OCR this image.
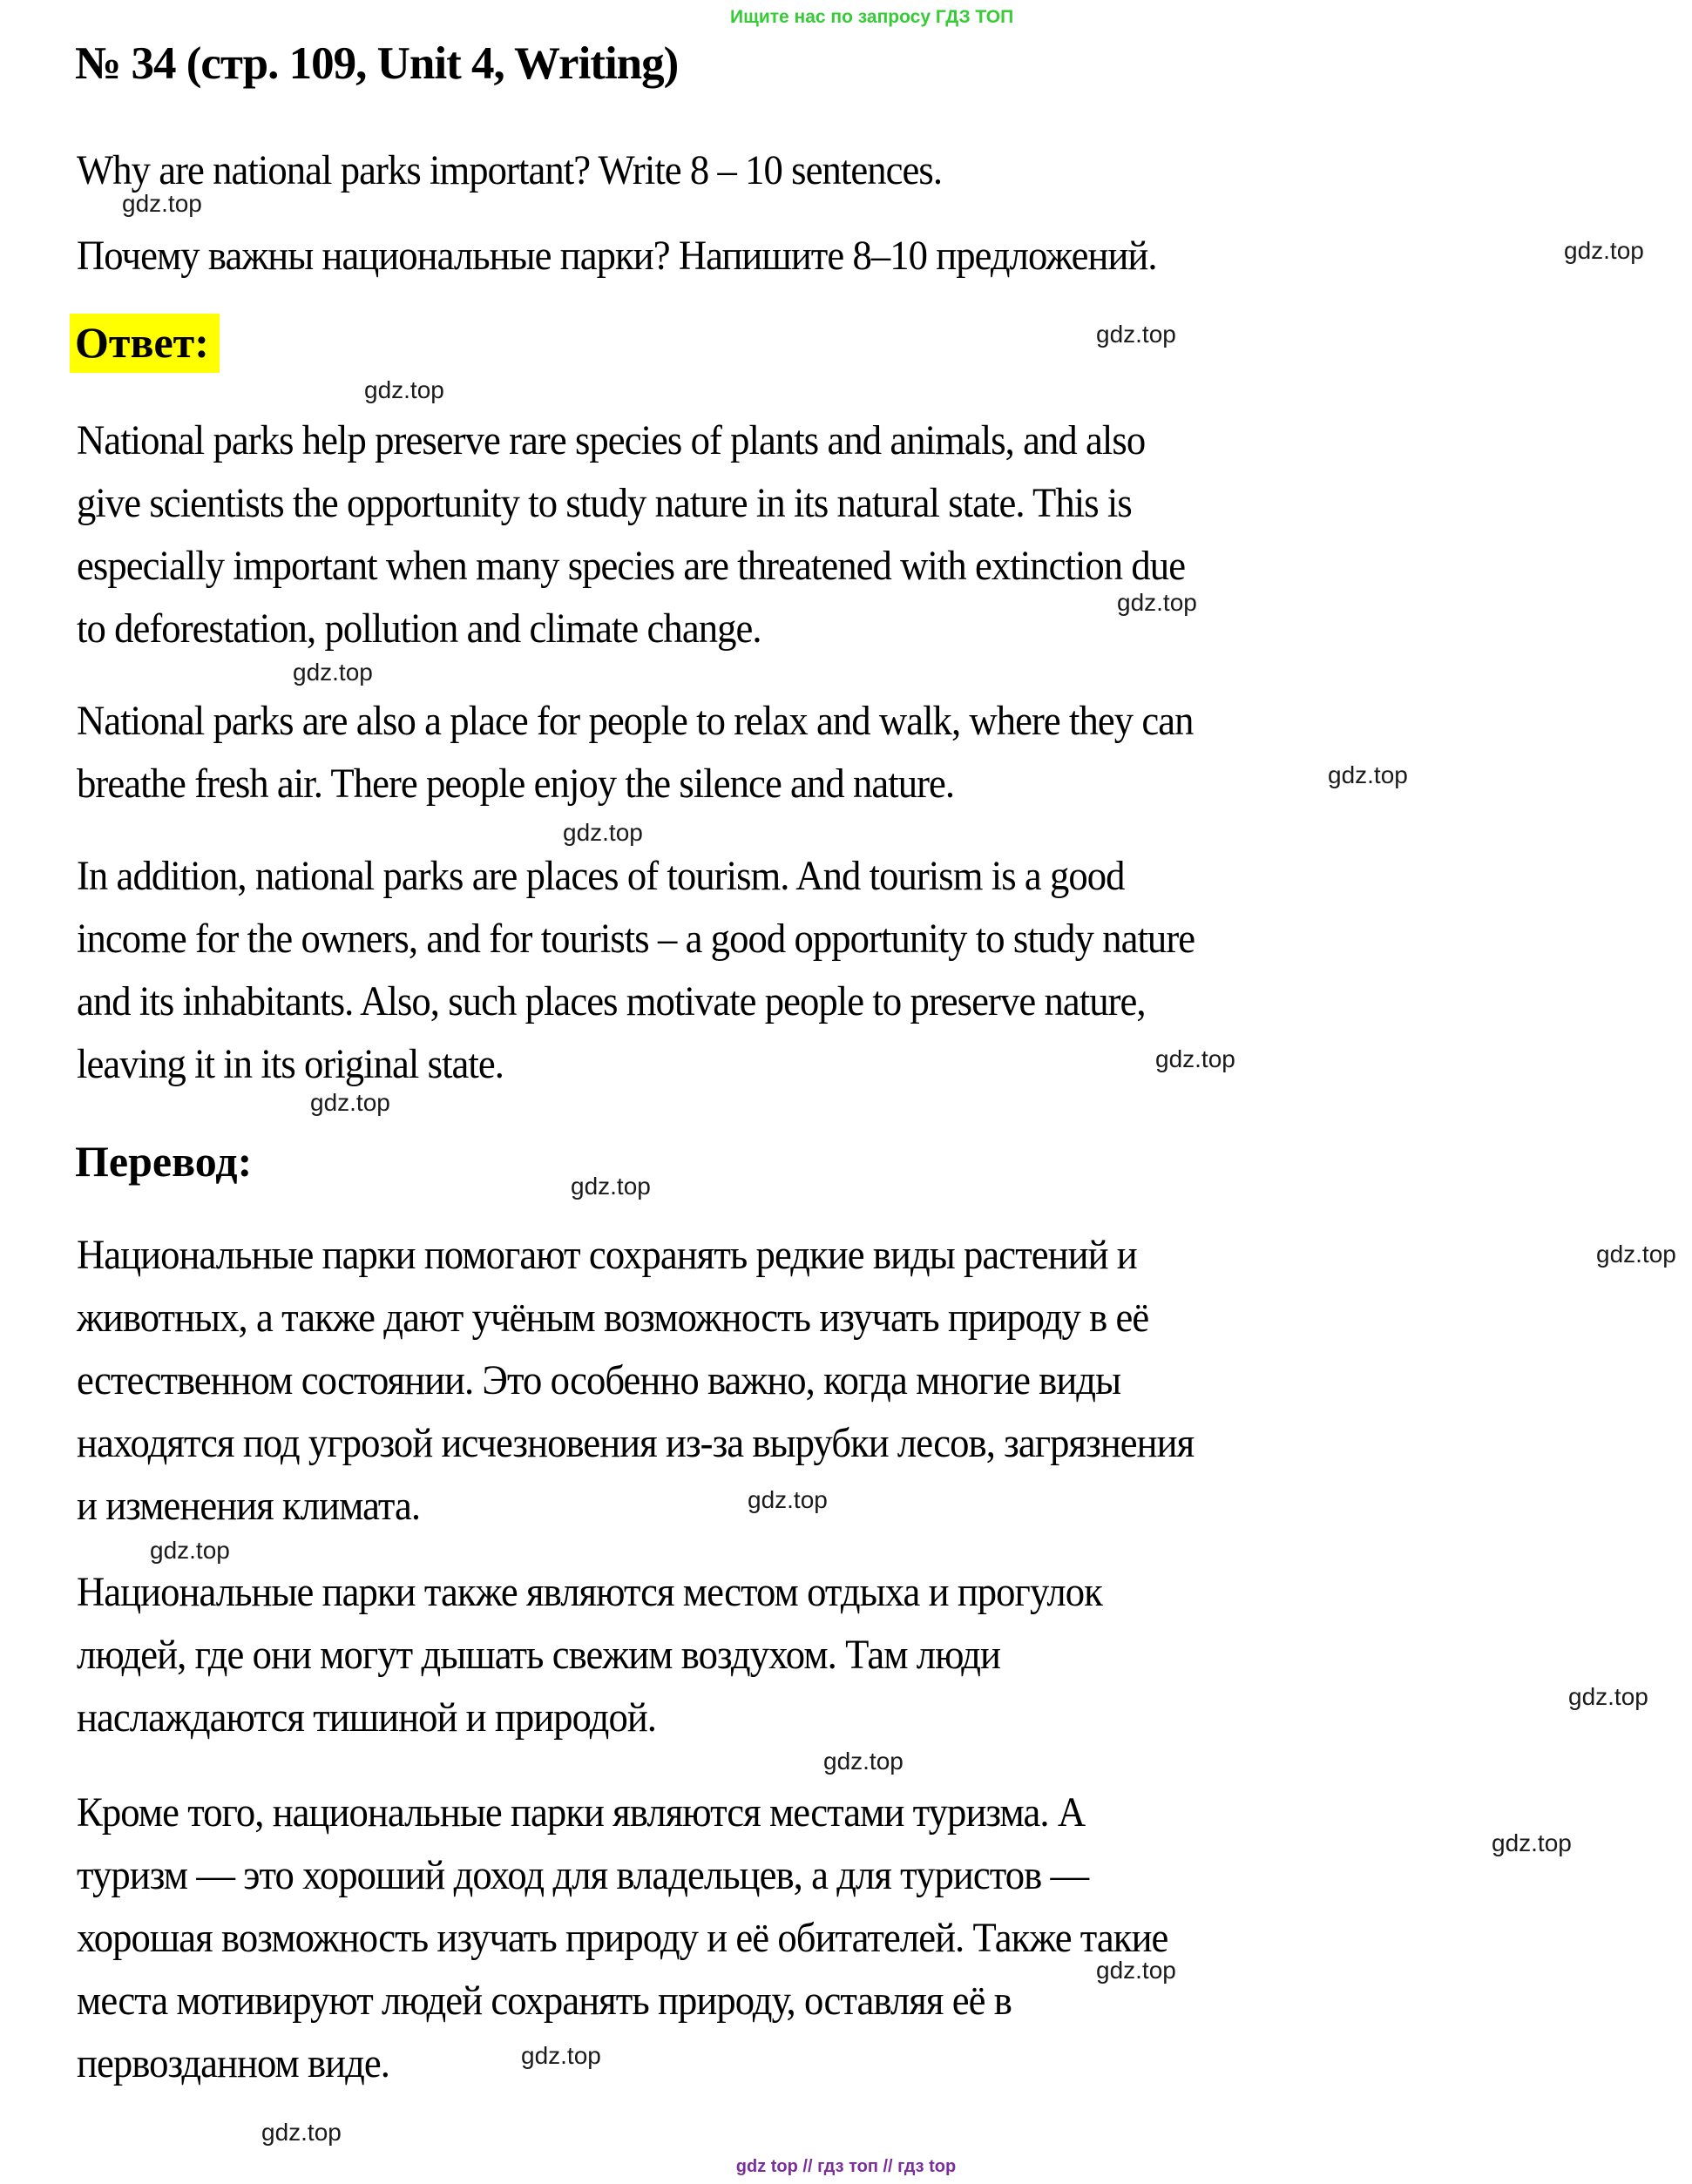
Ищите нас по запросу ГДЗ ТОП
№ 34 (стр. 109, Unit 4, Writing)
Why are national parks important? Write 8 – 10 sentences.
Почему важны национальные парки? Напишите 8–10 предложений.
Ответ:
National parks help preserve rare species of plants and animals, and also
give scientists the opportunity to study nature in its natural state. This is
especially important when many species are threatened with extinction due
to deforestation, pollution and climate change.
National parks are also a place for people to relax and walk, where they can
breathe fresh air. There people enjoy the silence and nature.
In addition, national parks are places of tourism. And tourism is a good
income for the owners, and for tourists – a good opportunity to study nature
and its inhabitants. Also, such places motivate people to preserve nature,
leaving it in its original state.
Перевод:
Национальные парки помогают сохранять редкие виды растений и
животных, а также дают учёным возможность изучать природу в её
естественном состоянии. Это особенно важно, когда многие виды
находятся под угрозой исчезновения из-за вырубки лесов, загрязнения
и изменения климата.
Национальные парки также являются местом отдыха и прогулок
людей, где они могут дышать свежим воздухом. Там люди
наслаждаются тишиной и природой.
Кроме того, национальные парки являются местами туризма. А
туризм — это хороший доход для владельцев, а для туристов —
хорошая возможность изучать природу и её обитателей. Также такие
места мотивируют людей сохранять природу, оставляя её в
первозданном виде.
gdz.top
gdz.top
gdz.top
gdz.top
gdz.top
gdz.top
gdz.top
gdz.top
gdz.top
gdz.top
gdz.top
gdz.top
gdz.top
gdz.top
gdz.top
gdz.top
gdz.top
gdz.top
gdz.top
gdz.top
gdz top // гдз топ // гдз top
